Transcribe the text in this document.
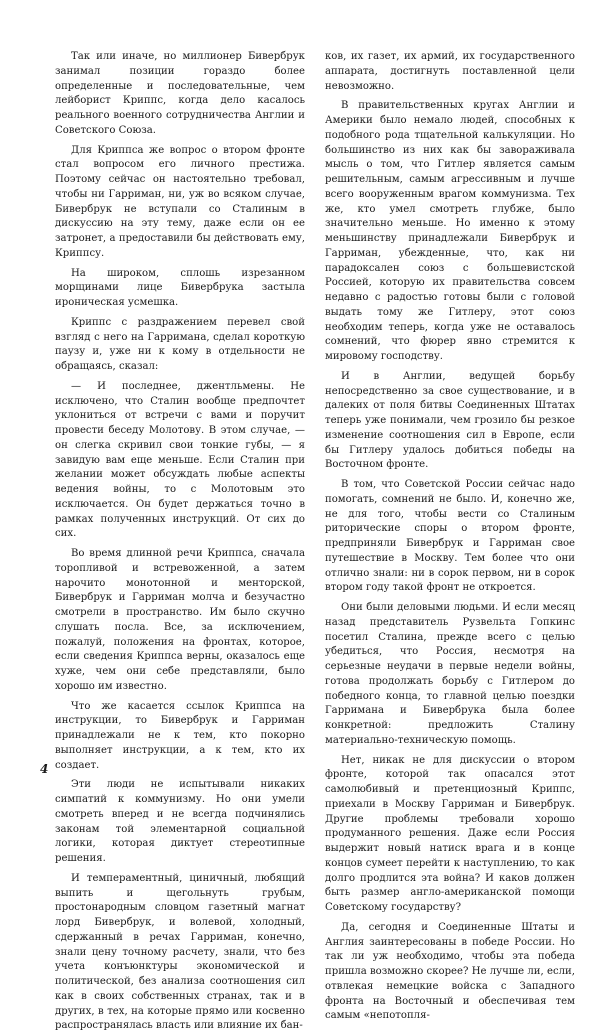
Так или иначе, но миллионер Бивербрук занимал позиции гораздо более определенные и последовательные, чем лейборист Криппс, когда дело касалось реального военного сотрудничества Англии и Советского Союза.

Для Криппса же вопрос о втором фронте стал вопросом его личного престижа. Поэтому сейчас он настоятельно требовал, чтобы ни Гарриман, ни, уж во всяком случае, Бивербрук не вступали со Сталиным в дискуссию на эту тему, даже если он ее затронет, а предоставили бы действовать ему, Криппсу.

На широком, сплошь изрезанном морщинами лице Бивербрука застыла ироническая усмешка.

Криппс с раздражением перевел свой взгляд с него на Гарримана, сделал короткую паузу и, уже ни к кому в отдельности не обращаясь, сказал:

— И последнее, джентльмены. Не исключено, что Сталин вообще предпочтет уклониться от встречи с вами и поручит провести беседу Молотову. В этом случае, — он слегка скривил свои тонкие губы, — я завидую вам еще меньше. Если Сталин при желании может обсуждать любые аспекты ведения войны, то с Молотовым это исключается. Он будет держаться точно в рамках полученных инструкций. От сих до сих.

Во время длинной речи Криппса, сначала торопливой и встревоженной, а затем нарочито монотонной и менторской, Бивербрук и Гарриман молча и безучастно смотрели в пространство. Им было скучно слушать посла. Все, за исключением, пожалуй, положения на фронтах, которое, если сведения Криппса верны, оказалось еще хуже, чем они себе представляли, было хорошо им известно.

Что же касается ссылок Криппса на инструкции, то Бивербрук и Гарриман принадлежали не к тем, кто покорно выполняет инструкции, а к тем, кто их создает.

Эти люди не испытывали никаких симпатий к коммунизму. Но они умели смотреть вперед и не всегда подчинялись законам той элементарной социальной логики, которая диктует стереотипные решения.

И темпераментный, циничный, любящий выпить и щегольнуть грубым, простонародным словцом газетный магнат лорд Бивербрук, и волевой, холодный, сдержанный в речах Гарриман, конечно, знали цену точному расчету, знали, что без учета конъюнктуры экономической и политической, без анализа соотношения сил как в своих собственных странах, так и в других, в тех, на которые прямо или косвенно распространялась власть или влияние их бан-

ков, их газет, их армий, их государственного аппарата, достигнуть поставленной цели невозможно.

В правительственных кругах Англии и Америки было немало людей, способных к подобного рода тщательной калькуляции. Но большинство из них как бы завораживала мысль о том, что Гитлер является самым решительным, самым агрессивным и лучше всего вооруженным врагом коммунизма. Тех же, кто умел смотреть глубже, было значительно меньше. Но именно к этому меньшинству принадлежали Бивербрук и Гарриман, убежденные, что, как ни парадоксален союз с большевистской Россией, которую их правительства совсем недавно с радостью готовы были с головой выдать тому же Гитлеру, этот союз необходим теперь, когда уже не оставалось сомнений, что фюрер явно стремится к мировому господству.

И в Англии, ведущей борьбу непосредственно за свое существование, и в далеких от поля битвы Соединенных Штатах теперь уже понимали, чем грозило бы резкое изменение соотношения сил в Европе, если бы Гитлеру удалось добиться победы на Восточном фронте.

В том, что Советской России сейчас надо помогать, сомнений не было. И, конечно же, не для того, чтобы вести со Сталиным риторические споры о втором фронте, предприняли Бивербрук и Гарриман свое путешествие в Москву. Тем более что они отлично знали: ни в сорок первом, ни в сорок втором году такой фронт не откроется.

Они были деловыми людьми. И если месяц назад представитель Рузвельта Гопкинс посетил Сталина, прежде всего с целью убедиться, что Россия, несмотря на серьезные неудачи в первые недели войны, готова продолжать борьбу с Гитлером до победного конца, то главной целью поездки Гарримана и Бивербрука была более конкретной: предложить Сталину материально-техническую помощь.

Нет, никак не для дискуссии о втором фронте, которой так опасался этот самолюбивый и претенциозный Криппс, приехали в Москву Гарриман и Бивербрук. Другие проблемы требовали хорошо продуманного решения. Даже если Россия выдержит новый натиск врага и в конце концов сумеет перейти к наступлению, то как долго продлится эта война? И каков должен быть размер англо-американской помощи Советскому государству?

Да, сегодня и Соединенные Штаты и Англия заинтересованы в победе России. Но так ли уж необходимо, чтобы эта победа пришла возможно скорее? Не лучше ли, если, отвлекая немецкие войска с Западного фронта на Восточный и обеспечивая тем самым «непотопля-

4
